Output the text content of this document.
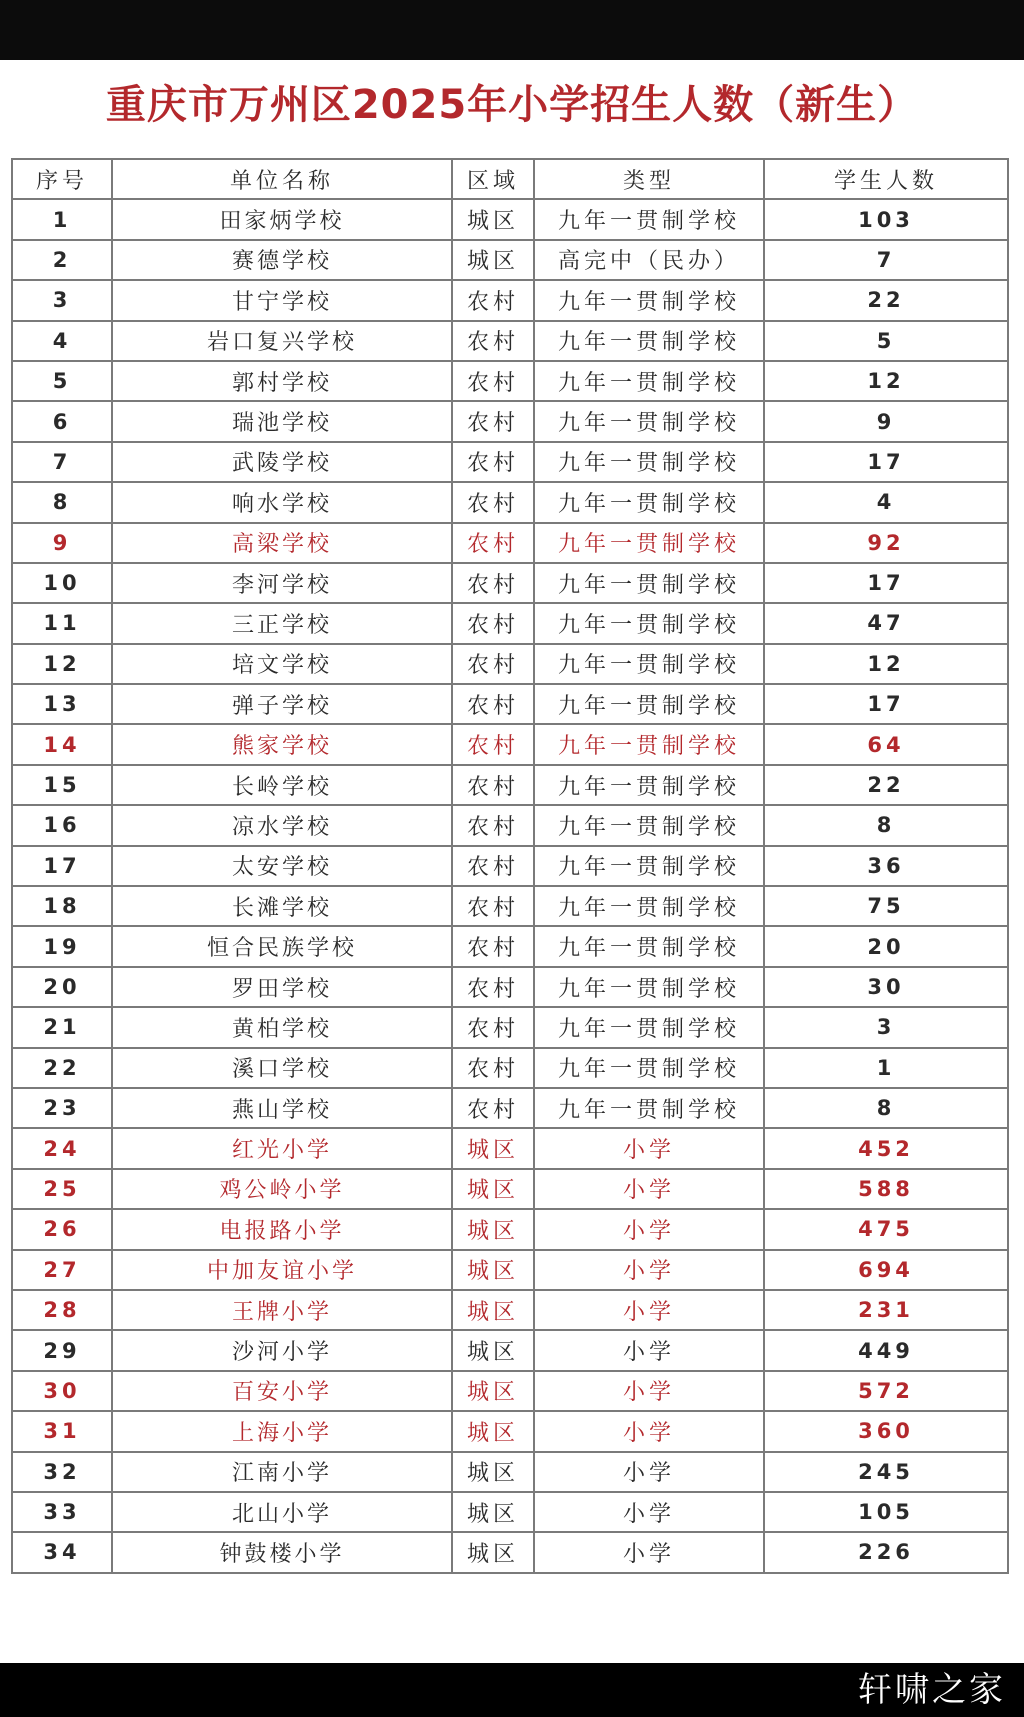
重庆市万州区2025年小学招生人数（新生）
序号	单位名称	区域	类型	学生人数
1	田家炳学校	城区	九年一贯制学校	103
2	赛德学校	城区	高完中（民办）	7
3	甘宁学校	农村	九年一贯制学校	22
4	岩口复兴学校	农村	九年一贯制学校	5
5	郭村学校	农村	九年一贯制学校	12
6	瑞池学校	农村	九年一贯制学校	9
7	武陵学校	农村	九年一贯制学校	17
8	响水学校	农村	九年一贯制学校	4
9	高梁学校	农村	九年一贯制学校	92
10	李河学校	农村	九年一贯制学校	17
11	三正学校	农村	九年一贯制学校	47
12	培文学校	农村	九年一贯制学校	12
13	弹子学校	农村	九年一贯制学校	17
14	熊家学校	农村	九年一贯制学校	64
15	长岭学校	农村	九年一贯制学校	22
16	凉水学校	农村	九年一贯制学校	8
17	太安学校	农村	九年一贯制学校	36
18	长滩学校	农村	九年一贯制学校	75
19	恒合民族学校	农村	九年一贯制学校	20
20	罗田学校	农村	九年一贯制学校	30
21	黄柏学校	农村	九年一贯制学校	3
22	溪口学校	农村	九年一贯制学校	1
23	燕山学校	农村	九年一贯制学校	8
24	红光小学	城区	小学	452
25	鸡公岭小学	城区	小学	588
26	电报路小学	城区	小学	475
27	中加友谊小学	城区	小学	694
28	王牌小学	城区	小学	231
29	沙河小学	城区	小学	449
30	百安小学	城区	小学	572
31	上海小学	城区	小学	360
32	江南小学	城区	小学	245
33	北山小学	城区	小学	105
34	钟鼓楼小学	城区	小学	226
轩啸之家
